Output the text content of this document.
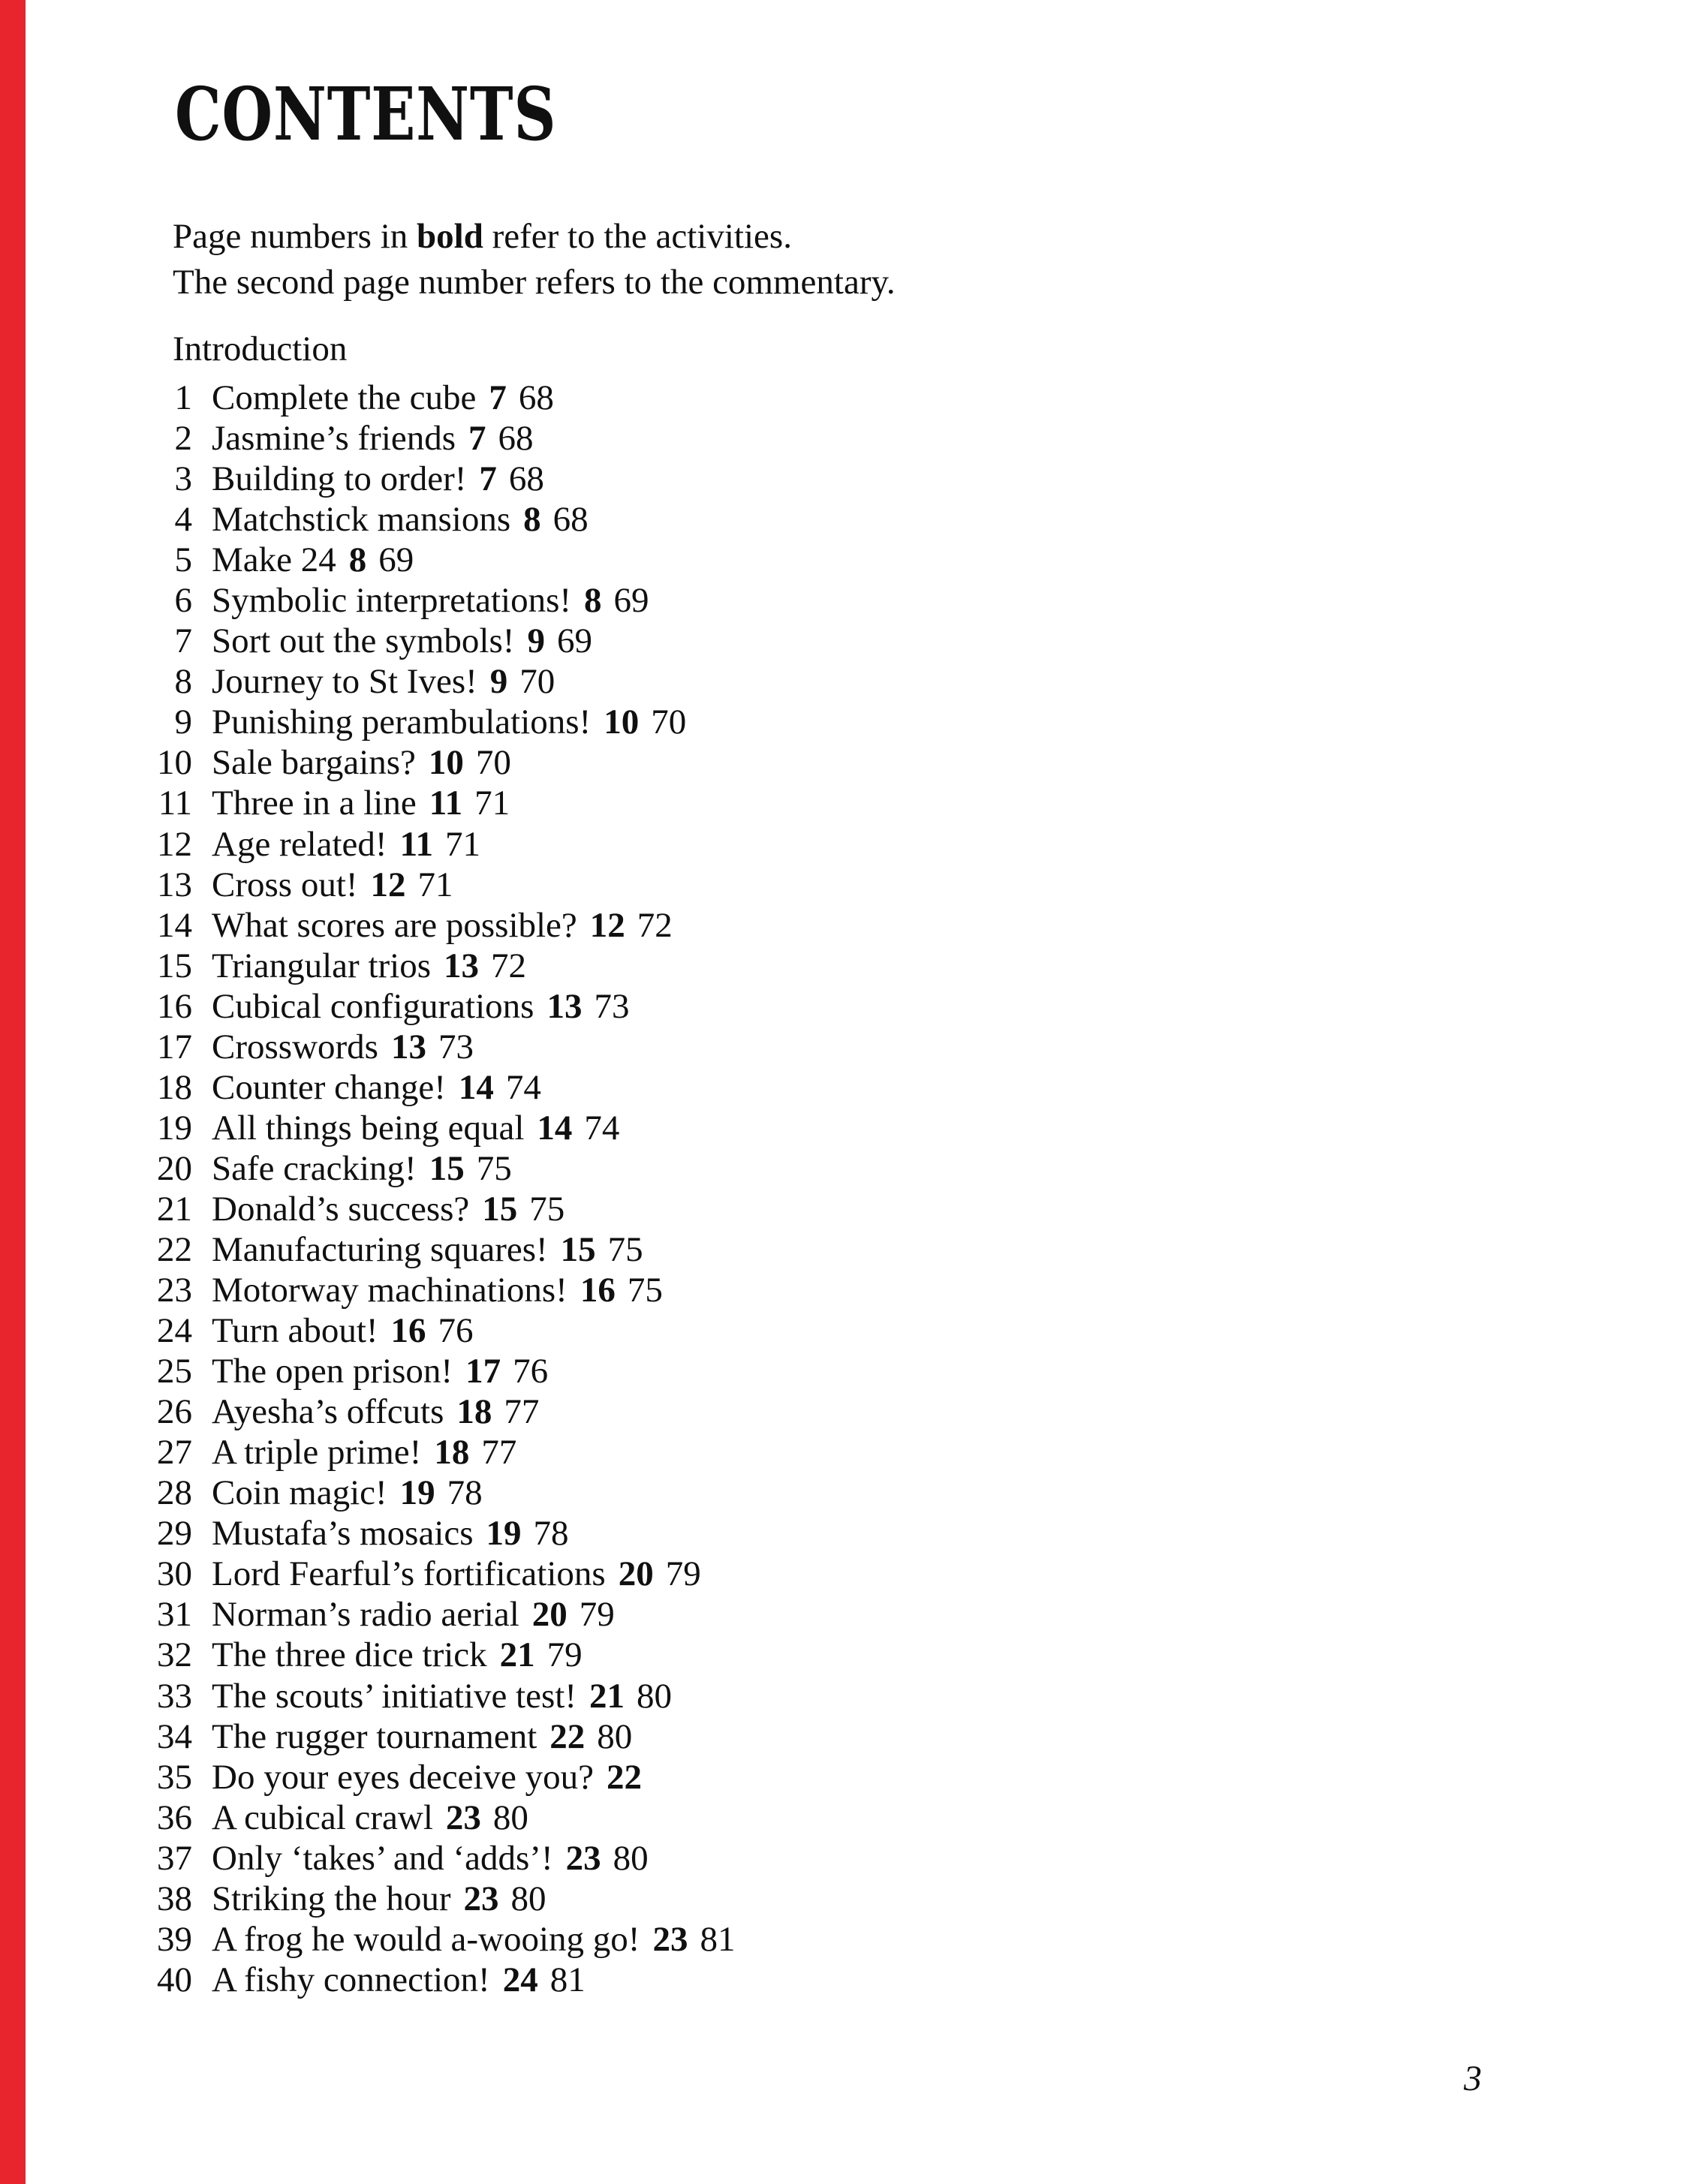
CONTENTS
Page numbers in bold refer to the activities.
The second page number refers to the commentary.
Introduction
1 Complete the cube 7 68
2 Jasmine’s friends 7 68
3 Building to order! 7 68
4 Matchstick mansions 8 68
5 Make 24 8 69
6 Symbolic interpretations! 8 69
7 Sort out the symbols! 9 69
8 Journey to St Ives! 9 70
9 Punishing perambulations! 10 70
10 Sale bargains? 10 70
11 Three in a line 11 71
12 Age related! 11 71
13 Cross out! 12 71
14 What scores are possible? 12 72
15 Triangular trios 13 72
16 Cubical configurations 13 73
17 Crosswords 13 73
18 Counter change! 14 74
19 All things being equal 14 74
20 Safe cracking! 15 75
21 Donald’s success? 15 75
22 Manufacturing squares! 15 75
23 Motorway machinations! 16 75
24 Turn about! 16 76
25 The open prison! 17 76
26 Ayesha’s offcuts 18 77
27 A triple prime! 18 77
28 Coin magic! 19 78
29 Mustafa’s mosaics 19 78
30 Lord Fearful’s fortifications 20 79
31 Norman’s radio aerial 20 79
32 The three dice trick 21 79
33 The scouts’ initiative test! 21 80
34 The rugger tournament 22 80
35 Do your eyes deceive you? 22
36 A cubical crawl 23 80
37 Only ‘takes’ and ‘adds’! 23 80
38 Striking the hour 23 80
39 A frog he would a-wooing go! 23 81
40 A fishy connection! 24 81
3
